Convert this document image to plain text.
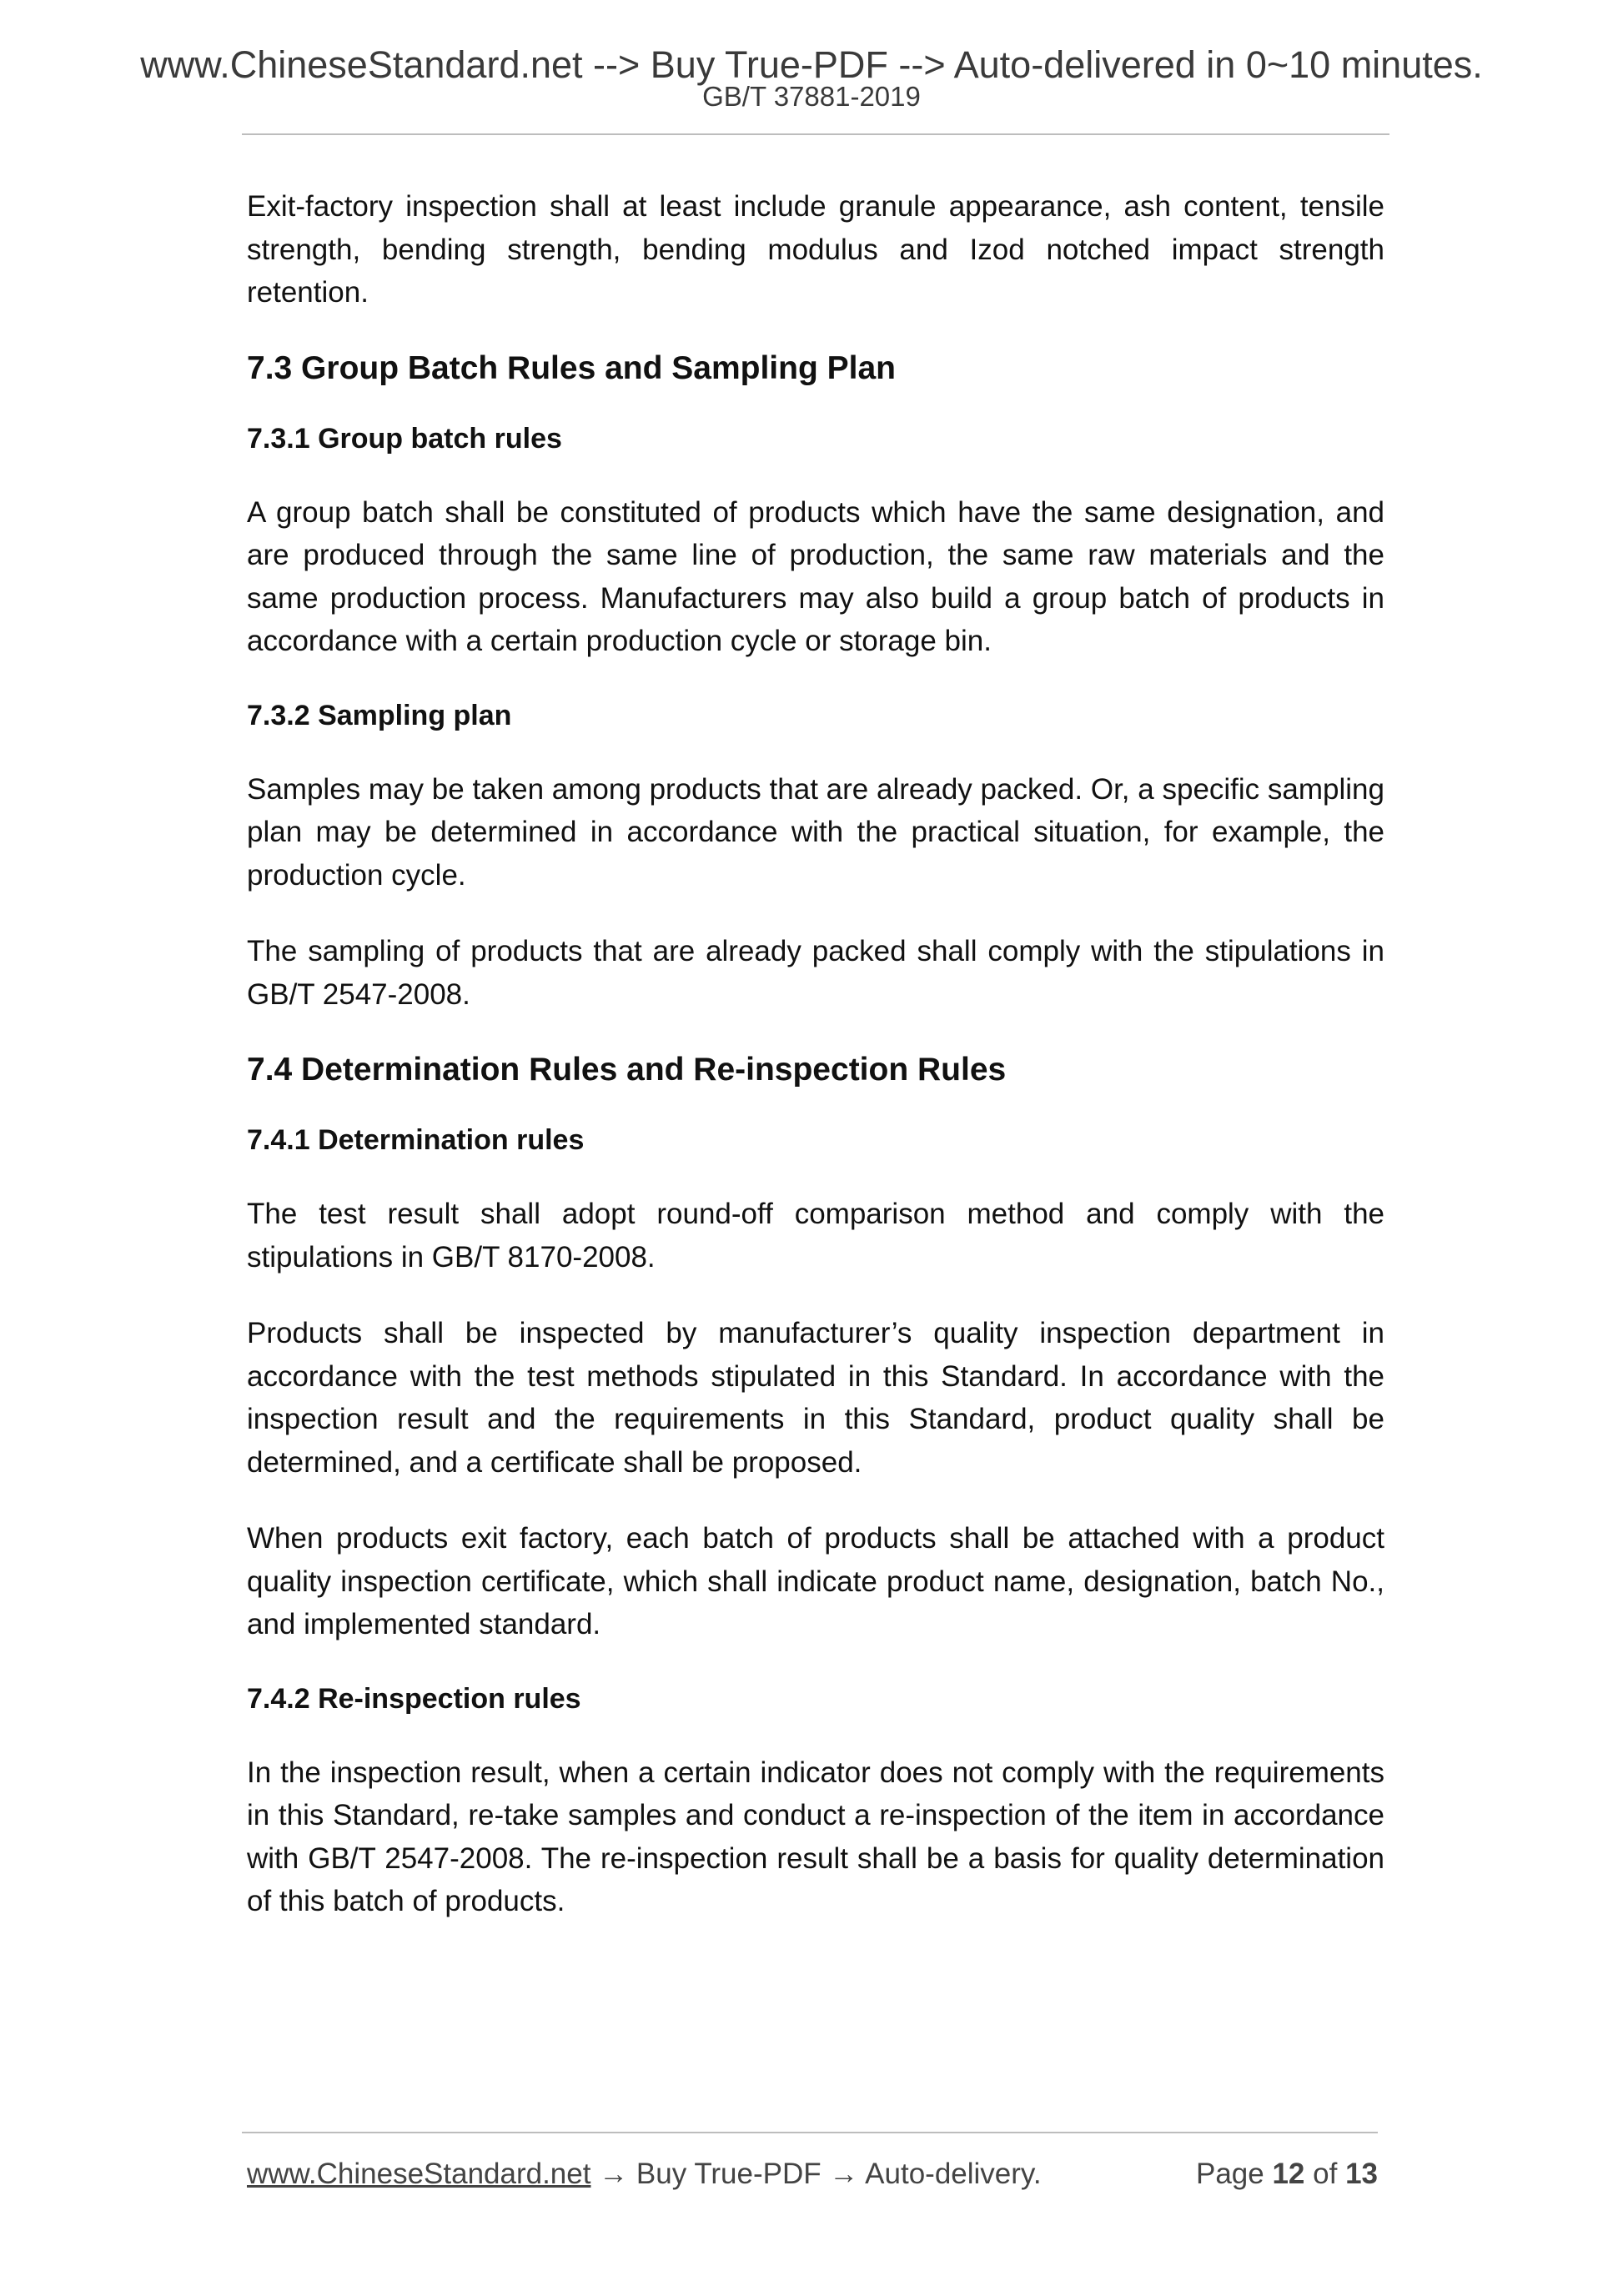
www.ChineseStandard.net --> Buy True-PDF --> Auto-delivered in 0~10 minutes.
GB/T 37881-2019

Exit-factory inspection shall at least include granule appearance, ash content, tensile strength, bending strength, bending modulus and Izod notched impact strength retention.

7.3 Group Batch Rules and Sampling Plan
7.3.1 Group batch rules

A group batch shall be constituted of products which have the same designation, and are produced through the same line of production, the same raw materials and the same production process. Manufacturers may also build a group batch of products in accordance with a certain production cycle or storage bin.

7.3.2 Sampling plan

Samples may be taken among products that are already packed. Or, a specific sampling plan may be determined in accordance with the practical situation, for example, the production cycle.

The sampling of products that are already packed shall comply with the stipulations in GB/T 2547-2008.

7.4 Determination Rules and Re-inspection Rules
7.4.1 Determination rules

The test result shall adopt round-off comparison method and comply with the stipulations in GB/T 8170-2008.

Products shall be inspected by manufacturer’s quality inspection department in accordance with the test methods stipulated in this Standard. In accordance with the inspection result and the requirements in this Standard, product quality shall be determined, and a certificate shall be proposed.

When products exit factory, each batch of products shall be attached with a product quality inspection certificate, which shall indicate product name, designation, batch No., and implemented standard.

7.4.2 Re-inspection rules

In the inspection result, when a certain indicator does not comply with the requirements in this Standard, re-take samples and conduct a re-inspection of the item in accordance with GB/T 2547-2008. The re-inspection result shall be a basis for quality determination of this batch of products.

www.ChineseStandard.net → Buy True-PDF → Auto-delivery.	Page 12 of 13
